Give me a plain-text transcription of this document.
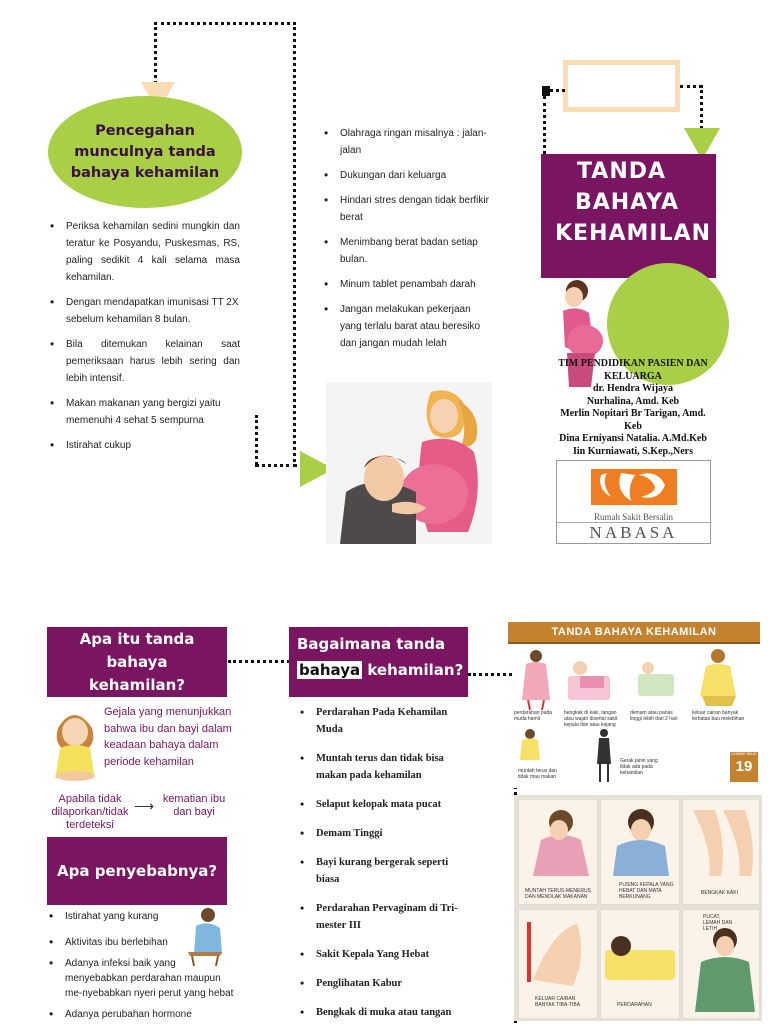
Pencegahan munculnya tanda bahaya kehamilan
• Periksa kehamilan sedini mungkin dan teratur ke Posyandu, Puskesmas, RS, paling sedikit 4 kali selama masa kehamilan.
• Dengan mendapatkan imunisasi TT 2X sebelum kehamilan 8 bulan.
• Bila ditemukan kelainan saat pemeriksaan harus lebih sering dan lebih intensif.
• Makan makanan yang bergizi yaitu memenuhi 4 sehat 5 sempurna
• Istirahat cukup
• Olahraga ringan misalnya : jalan-jalan
• Dukungan dari keluarga
• Hindari stres dengan tidak berfikir berat
• Menimbang berat badan setiap bulan.
• Minum tablet penambah darah
• Jangan melakukan pekerjaan yang terlalu barat atau beresiko dan jangan mudah lelah
TANDA
BAHAYA
KEHAMILAN
TIM PENDIDIKAN PASIEN DAN
KELUARGA
dr. Hendra Wijaya
Nurhalina, Amd. Keb
Merlin Nopitari Br Tarigan, Amd.
Keb
Dina Erniyansi Natalia. A.Md.Keb
Iin Kurniawati, S.Kep.,Ners
Rumah Sakit Bersalin
NABASA
Apa itu tanda bahaya kehamilan?
Gejala yang menunjukkan bahwa ibu dan bayi dalam keadaan bahaya dalam periode kehamilan
Apabila tidak dilaporkan/tidak terdeteksi
⟶ kematian ibu dan bayi
Apa penyebabnya?
• Istirahat yang kurang
• Aktivitas ibu berlebihan
• Adanya infeksi baik yang menyebabkan perdarahan maupun me-nyebabkan nyeri perut yang hebat
• Adanya perubahan hormone
Bagaimana tanda
bahaya kehamilan?
• Perdarahan Pada Kehamilan Muda
• Muntah terus dan tidak bisa makan pada kehamilan
• Selaput kelopak mata pucat
• Demam Tinggi
• Bayi kurang bergerak seperti biasa
• Perdarahan Pervaginam di Tri-mester III
• Sakit Kepala Yang Hebat
• Penglihatan Kabur
• Bengkak di muka atau tangan
TANDA BAHAYA KEHAMILAN
perdarahan pada muda hamil
bengkak di kaki, tangan atau wajah disertai sakit kepala dan atau kejang
demam atau panas tinggi lebih dari 2 hari
keluar cairan banyak terbatas bau melebihan
muntah terus dan tidak mau makan
Gerak janin yang tidak ada pada kehamilan
LEMBAR BALIK
19
MUNTAH TERUS-MENERUS DAN MENOLAK MAKANAN
PUSING KEPALA YANG HEBAT DAN MATA BERKUNANG
BENGKAK KAKI
KELUAR CAIRAN BANYAK TIBA-TIBA	PERDARAHAN
PUCAT, LEMAH DAN LETIH
